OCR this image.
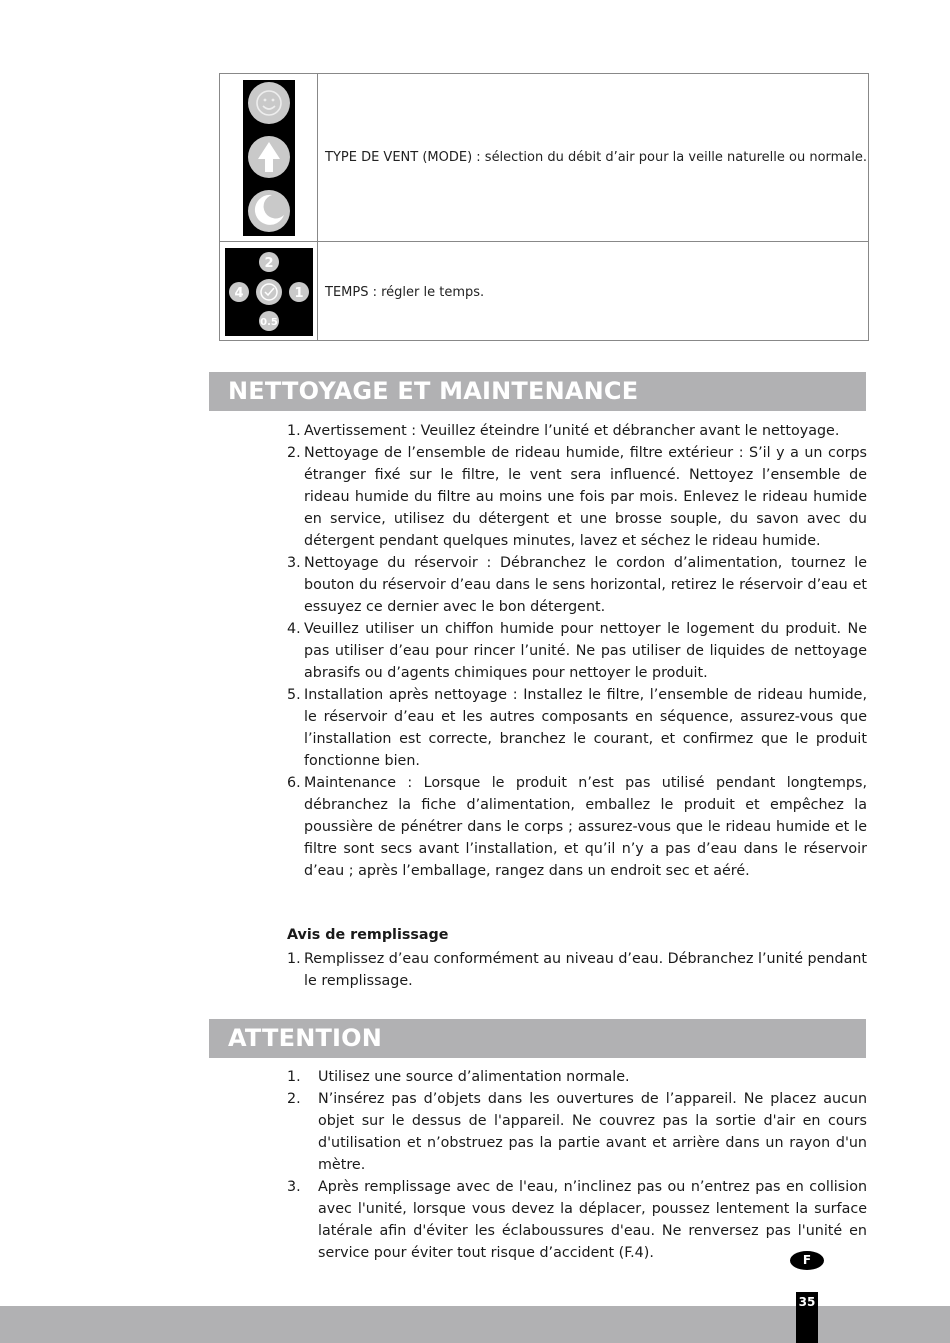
TYPE DE VENT (MODE) : sélection du débit d’air pour la veille naturelle ou normale.
2
4	1
0.5
TEMPS : régler le temps.
NETTOYAGE ET MAINTENANCE
1. Avertissement : Veuillez éteindre l’unité et débrancher avant le nettoyage.
2. Nettoyage de l’ensemble de rideau humide, filtre extérieur : S’il y a un corps étranger fixé sur le filtre, le vent sera influencé. Nettoyez l’ensemble de rideau humide du filtre au moins une fois par mois. Enlevez le rideau humide en service, utilisez du détergent et une brosse souple, du savon avec du détergent pendant quelques minutes, lavez et séchez le rideau humide.
3. Nettoyage du réservoir : Débranchez le cordon d’alimentation, tournez le bouton du réservoir d’eau dans le sens horizontal, retirez le réservoir d’eau et essuyez ce dernier avec le bon détergent.
4. Veuillez utiliser un chiffon humide pour nettoyer le logement du produit. Ne pas utiliser d’eau pour rincer l’unité. Ne pas utiliser de liquides de nettoyage abrasifs ou d’agents chimiques pour nettoyer le produit.
5. Installation après nettoyage : Installez le filtre, l’ensemble de rideau humide, le réservoir d’eau et les autres composants en séquence, assurez-vous que l’installation est correcte, branchez le courant, et confirmez que le produit fonctionne bien.
6. Maintenance : Lorsque le produit n’est pas utilisé pendant longtemps, débranchez la fiche d’alimentation, emballez le produit et empêchez la poussière de pénétrer dans le corps ; assurez-vous que le rideau humide et le filtre sont secs avant l’installation, et qu’il n’y a pas d’eau dans le réservoir d’eau ; après l’emballage, rangez dans un endroit sec et aéré.
Avis de remplissage
1. Remplissez d’eau conformément au niveau d’eau. Débranchez l’unité pendant le remplissage.
ATTENTION
1. Utilisez une source d’alimentation normale.
2. N’insérez pas d’objets dans les ouvertures de l’appareil. Ne placez aucun objet sur le dessus de l'appareil. Ne couvrez pas la sortie d'air en cours d'utilisation et n’obstruez pas la partie avant et arrière dans un rayon d'un mètre.
3. Après remplissage avec de l'eau, n’inclinez pas ou n’entrez pas en collision avec l'unité, lorsque vous devez la déplacer, poussez lentement la surface latérale afin d'éviter les éclaboussures d'eau. Ne renversez pas l'unité en service pour éviter tout risque d’accident (F.4).	F
35
